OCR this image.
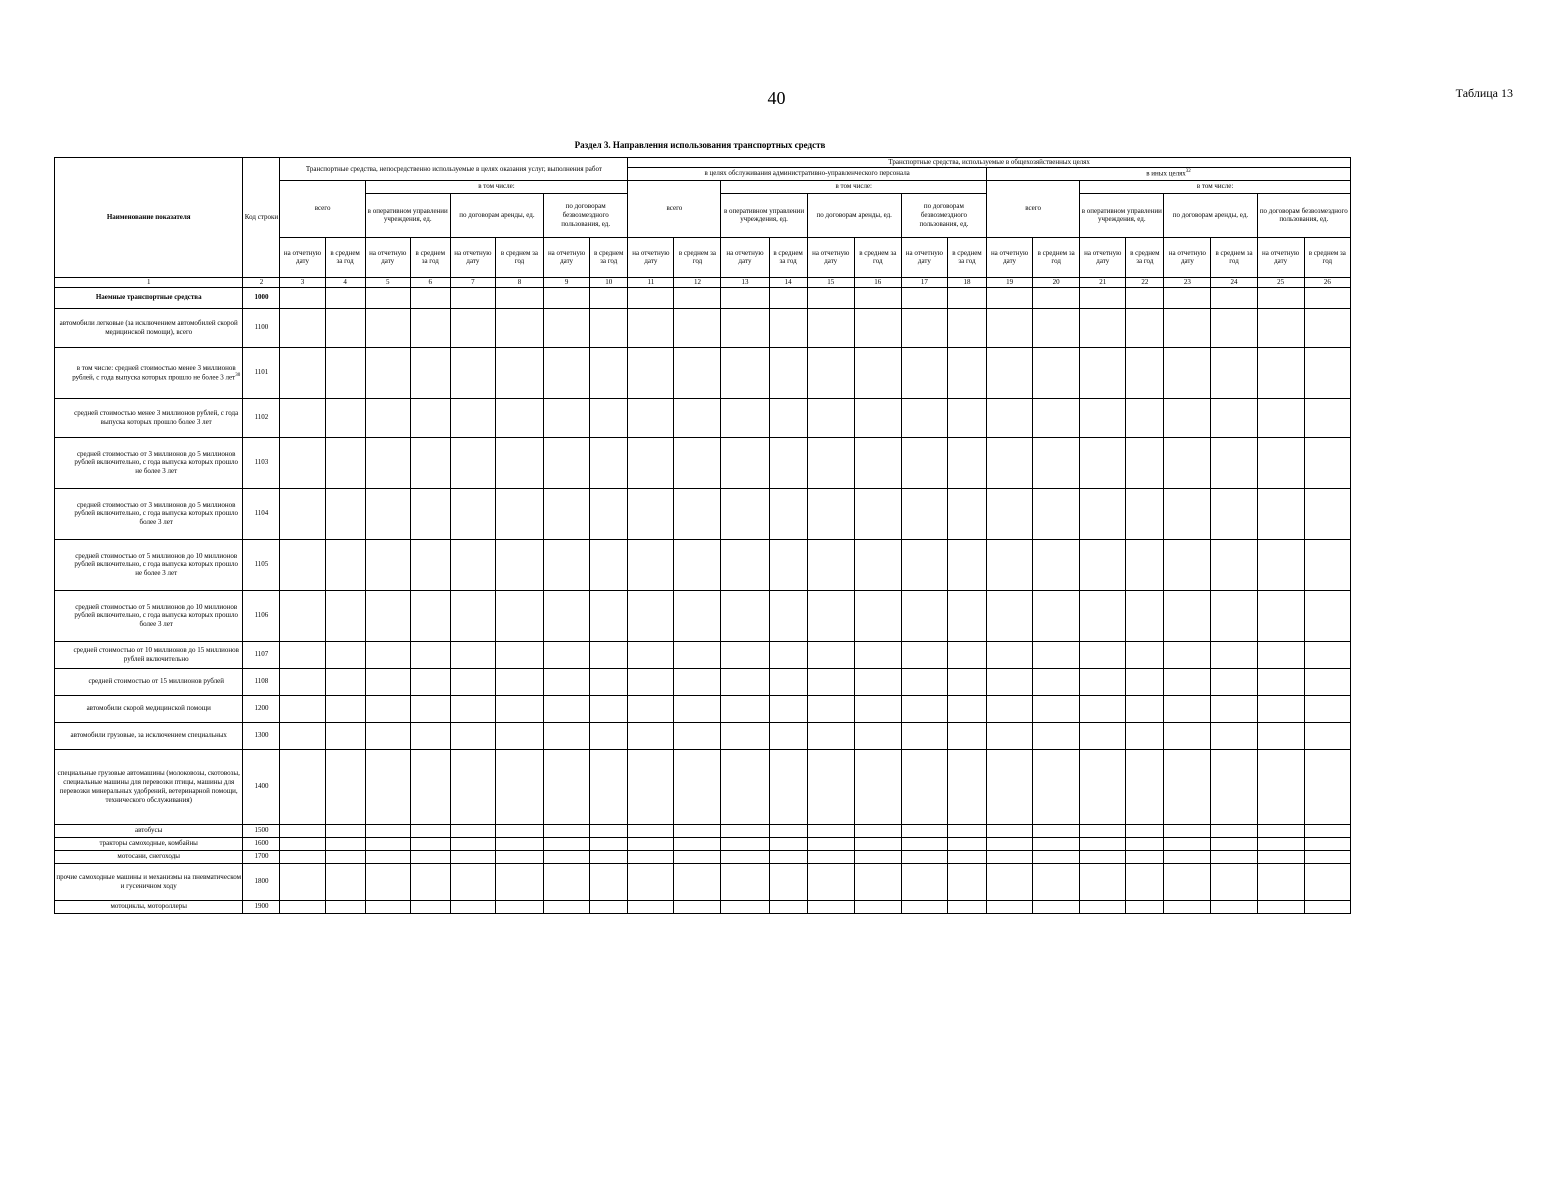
40	Таблица 13
Раздел 3. Направления использования транспортных средств
Наименование показателя	Код строки	Транспортные средства, непосредственно используемые в целях оказания услуг, выполнения работ								Транспортные средства, используемые в общехозяйственных целях															
										в целях обслуживания административно-управленческого персонала								в иных целях$^{32}$
		всего		в том числе:						всего		в том числе:						всего		в том числе:					
				в оперативном управлении учреждения, ед.		по договорам аренды, ед.		по договорам безвозмездного пользования, ед.				в оперативном управлении учреждения, ед.		по договорам аренды, ед.		по договорам безвозмездного пользования, ед.				в оперативном управлении учреждения, ед.		по договорам аренды, ед.		по договорам безвозмездного пользования, ед.	
		на отчетную дату	в среднем за год	на отчетную дату	в среднем за год	на отчетную дату	в среднем за год	на отчетную дату	в среднем за год	на отчетную дату	в среднем за год	на отчетную дату	в среднем за год	на отчетную дату	в среднем за год	на отчетную дату	в среднем за год	на отчетную дату	в среднем за год	на отчетную дату	в среднем за год	на отчетную дату	в среднем за год	на отчетную дату	в среднем за год
1	2	3	4	5	6	7	8	9	10	11	12	13	14	15	16	17	18	19	20	21	22	23	24	25	26
Наемные транспортные средства	1000																								
автомобили легковые (за исключением автомобилей скорой медицинской помощи), всего	1100																								
в том числе: средней стоимостью менее 3 миллионов рублей, с года выпуска которых прошло не более 3 лет$^{30}$	1101																								
средней стоимостью менее 3 миллионов рублей, с года выпуска которых прошло более 3 лет	1102																								
средней стоимостью от 3 миллионов до 5 миллионов рублей включительно, с года выпуска которых прошло не более 3 лет	1103																								
средней стоимостью от 3 миллионов до 5 миллионов рублей включительно, с года выпуска которых прошло более 3 лет	1104																								
средней стоимостью от 5 миллионов до 10 миллионов рублей включительно, с года выпуска которых прошло не более 3 лет	1105																								
средней стоимостью от 5 миллионов до 10 миллионов рублей включительно, с года выпуска которых прошло более 3 лет	1106																								
средней стоимостью от 10 миллионов до 15 миллионов рублей включительно	1107																								
средней стоимостью от 15 миллионов рублей	1108																								
автомобили скорой медицинской помощи	1200																								
автомобили грузовые, за исключением специальных	1300																								
специальные грузовые автомашины (молоковозы, скотовозы, специальные машины для перевозки птицы, машины для перевозки минеральных удобрений, ветеринарной помощи, технического обслуживания)	1400																								
автобусы	1500																								
тракторы самоходные, комбайны	1600																								
мотосани, снегоходы	1700																								
прочие самоходные машины и механизмы на пневматическом и гусеничном ходу	1800																								
мотоциклы, мотороллеры	1900																								
